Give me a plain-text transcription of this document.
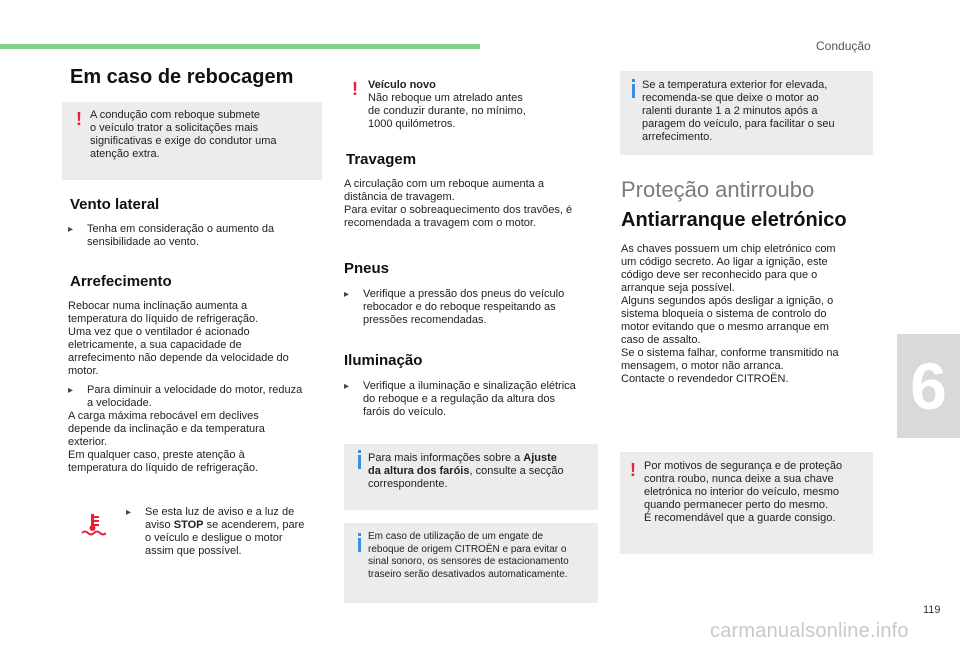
Condução
6
119
carmanualsonline.info
Em caso de rebocagem
! A condução com reboque submete
o veículo trator a solicitações mais
significativas e exige do condutor uma
atenção extra.
Vento lateral
▸ Tenha em consideração o aumento da
sensibilidade ao vento.
Arrefecimento
Rebocar numa inclinação aumenta a
temperatura do líquido de refrigeração.
Uma vez que o ventilador é acionado
eletricamente, a sua capacidade de
arrefecimento não depende da velocidade do
motor.
▸ Para diminuir a velocidade do motor, reduza
a velocidade.
A carga máxima rebocável em declives
depende da inclinação e da temperatura
exterior.
Em qualquer caso, preste atenção à
temperatura do líquido de refrigeração.
▸ Se esta luz de aviso e a luz de
aviso STOP se acenderem, pare
o veículo e desligue o motor
assim que possível.
! Veículo novo
Não reboque um atrelado antes
de conduzir durante, no mínimo,
1000 quilómetros.
Travagem
A circulação com um reboque aumenta a
distância de travagem.
Para evitar o sobreaquecimento dos travões, é
recomendada a travagem com o motor.
Pneus
▸ Verifique a pressão dos pneus do veículo
rebocador e do reboque respeitando as
pressões recomendadas.
Iluminação
▸ Verifique a iluminação e sinalização elétrica
do reboque e a regulação da altura dos
faróis do veículo.
Para mais informações sobre a Ajuste
da altura dos faróis, consulte a secção
correspondente.
Em caso de utilização de um engate de
reboque de origem CITROËN e para evitar o
sinal sonoro, os sensores de estacionamento
traseiro serão desativados automaticamente.
Se a temperatura exterior for elevada,
recomenda-se que deixe o motor ao
ralenti durante 1 a 2 minutos após a
paragem do veículo, para facilitar o seu
arrefecimento.
Proteção antirroubo
Antiarranque eletrónico
As chaves possuem um chip eletrónico com
um código secreto. Ao ligar a ignição, este
código deve ser reconhecido para que o
arranque seja possível.
Alguns segundos após desligar a ignição, o
sistema bloqueia o sistema de controlo do
motor evitando que o mesmo arranque em
caso de assalto.
Se o sistema falhar, conforme transmitido na
mensagem, o motor não arranca.
Contacte o revendedor CITROËN.
! Por motivos de segurança e de proteção
contra roubo, nunca deixe a sua chave
eletrónica no interior do veículo, mesmo
quando permanecer perto do mesmo.
É recomendável que a guarde consigo.
